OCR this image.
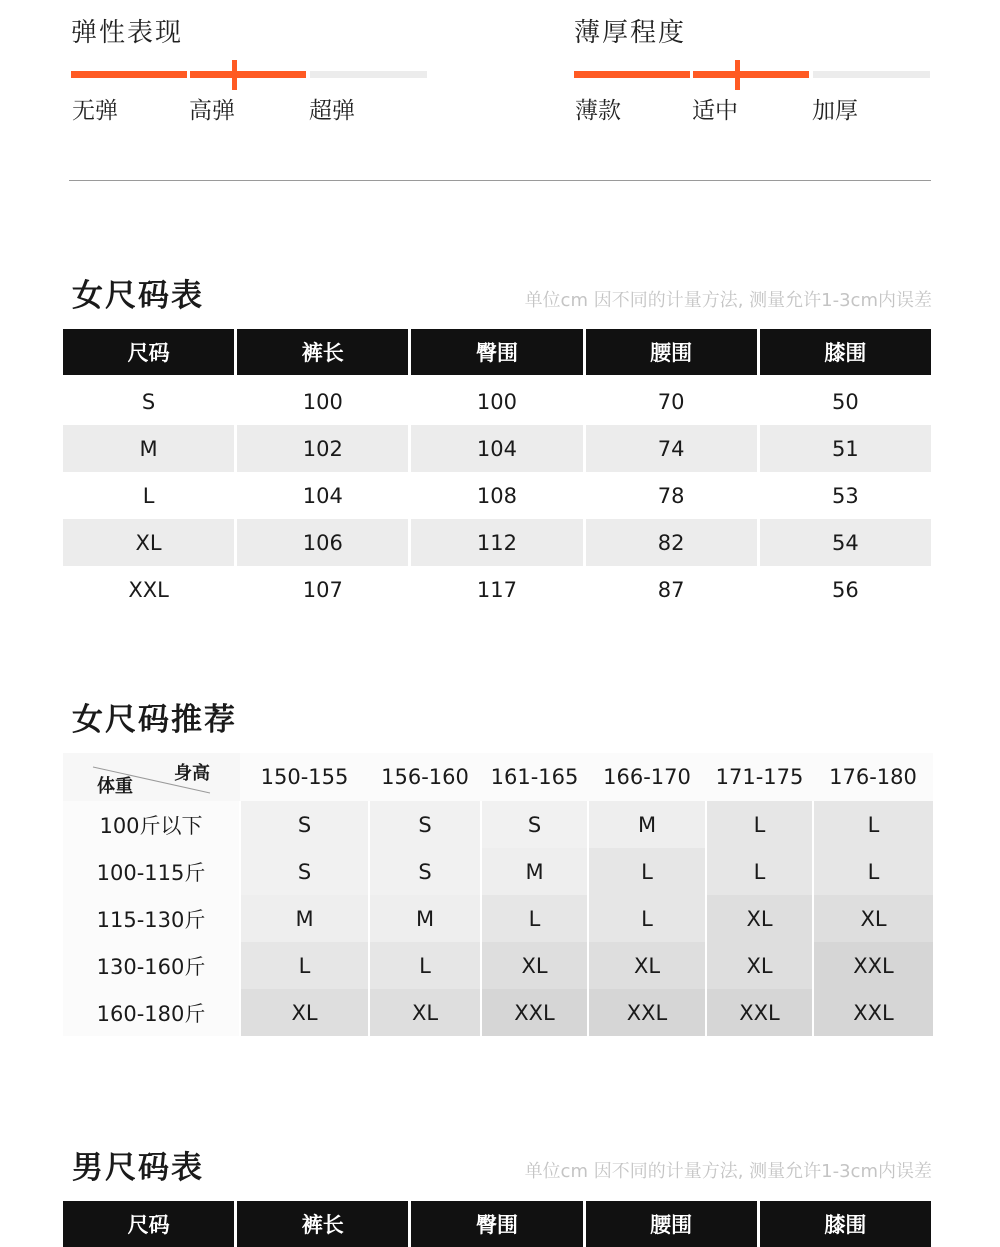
弹性表现
无弹	高弹	超弹
薄厚程度
薄款	适中	加厚
女尺码表	单位cm 因不同的计量方法, 测量允许1-3cm内误差
尺码	裤长	臀围	腰围	膝围
S	100	100	70	50
M	102	104	74	51
L	104	108	78	53
XL	106	112	82	54
XXL	107	117	87	56
女尺码推荐
身高
体重	150-155	156-160	161-165	166-170	171-175	176-180
100斤以下	S	S	S	M	L	L
100-115斤	S	S	M	L	L	L
115-130斤	M	M	L	L	XL	XL
130-160斤	L	L	XL	XL	XL	XXL
160-180斤	XL	XL	XXL	XXL	XXL	XXL
男尺码表	单位cm 因不同的计量方法, 测量允许1-3cm内误差
尺码	裤长	臀围	腰围	膝围
